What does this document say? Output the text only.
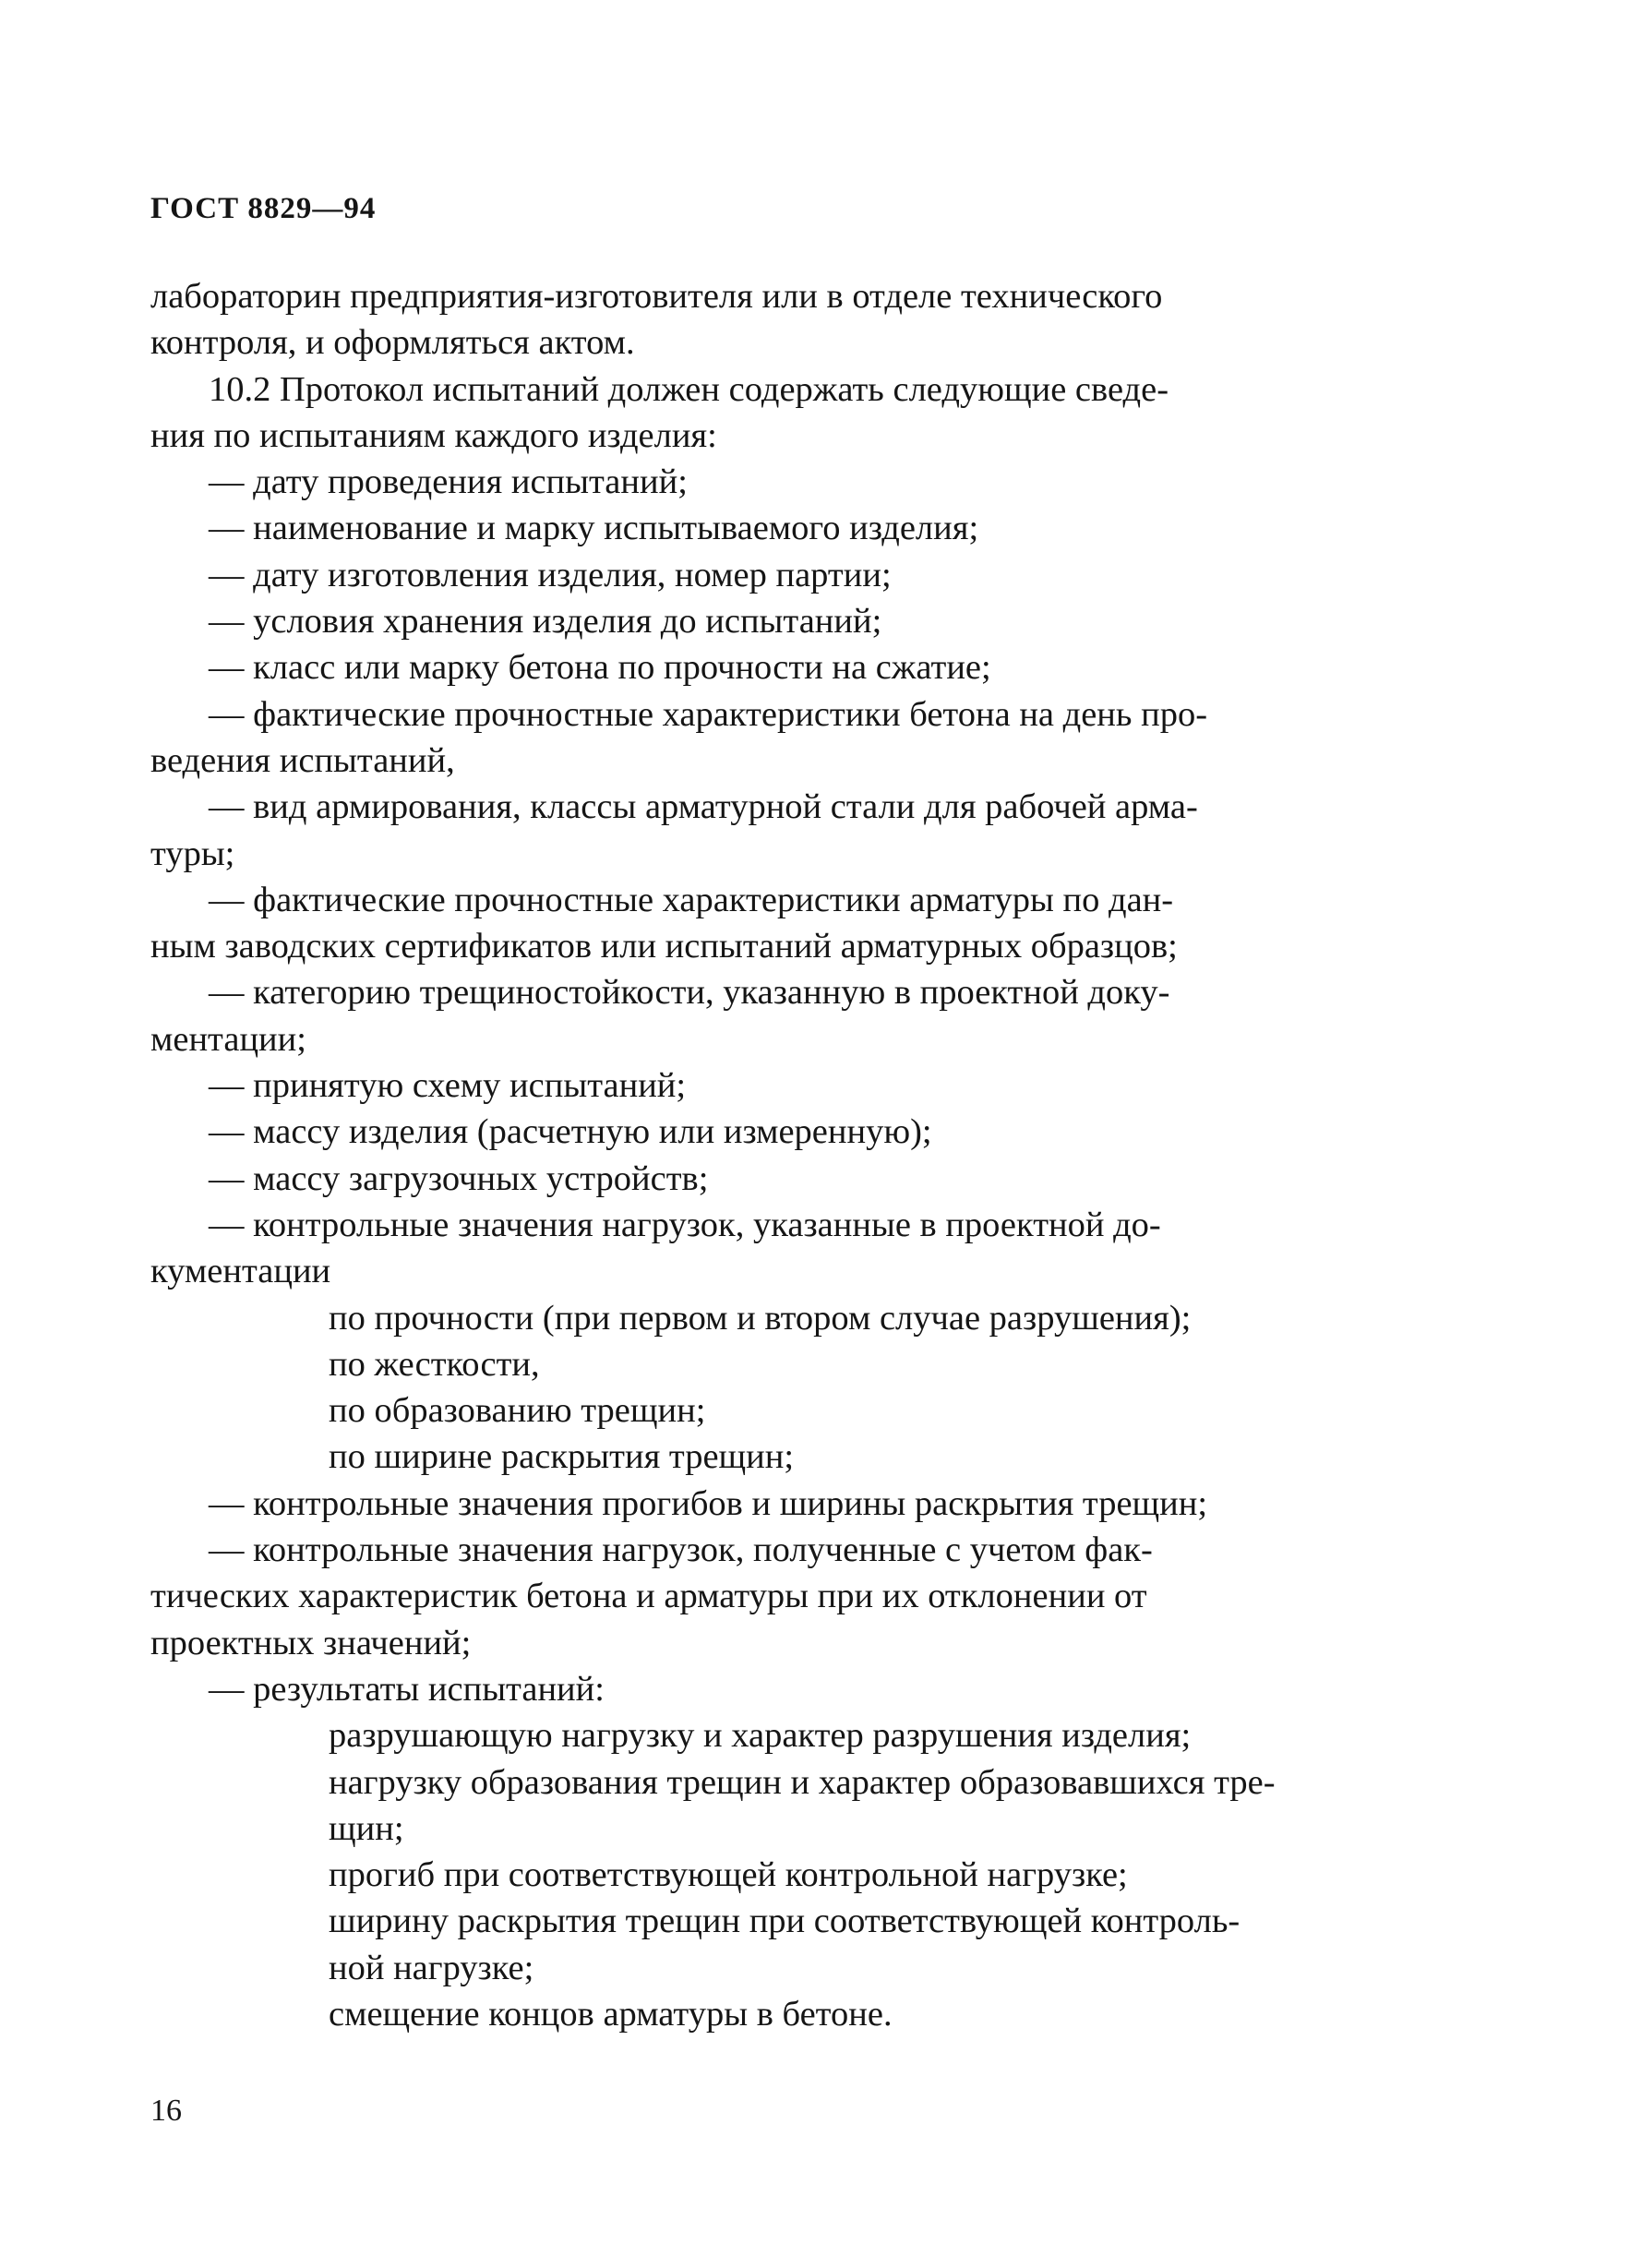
ГОСТ 8829—94
лабораторин предприятия-изготовителя или в отделе технического
контроля, и оформляться актом.
10.2 Протокол испытаний должен содержать следующие сведе-
ния по испытаниям каждого изделия:
— дату проведения испытаний;
— наименование и марку испытываемого изделия;
— дату изготовления изделия, номер партии;
— условия хранения изделия до испытаний;
— класс или марку бетона по прочности на сжатие;
— фактические прочностные характеристики бетона на день про-
ведения испытаний,
— вид армирования, классы арматурной стали для рабочей арма-
туры;
— фактические прочностные характеристики арматуры по дан-
ным заводских сертификатов или испытаний арматурных образцов;
— категорию трещиностойкости, указанную в проектной доку-
ментации;
— принятую схему испытаний;
— массу изделия (расчетную или измеренную);
— массу загрузочных устройств;
— контрольные значения нагрузок, указанные в проектной до-
кументации
по прочности (при первом и втором случае разрушения);
по жесткости,
по образованию трещин;
по ширине раскрытия трещин;
— контрольные значения прогибов и ширины раскрытия трещин;
— контрольные значения нагрузок, полученные с учетом фак-
тических характеристик бетона и арматуры при их отклонении от
проектных значений;
— результаты испытаний:
разрушающую нагрузку и характер разрушения изделия;
нагрузку образования трещин и характер образовавшихся тре-
щин;
прогиб при соответствующей контрольной нагрузке;
ширину раскрытия трещин при соответствующей контроль-
ной нагрузке;
смещение концов арматуры в бетоне.
16
